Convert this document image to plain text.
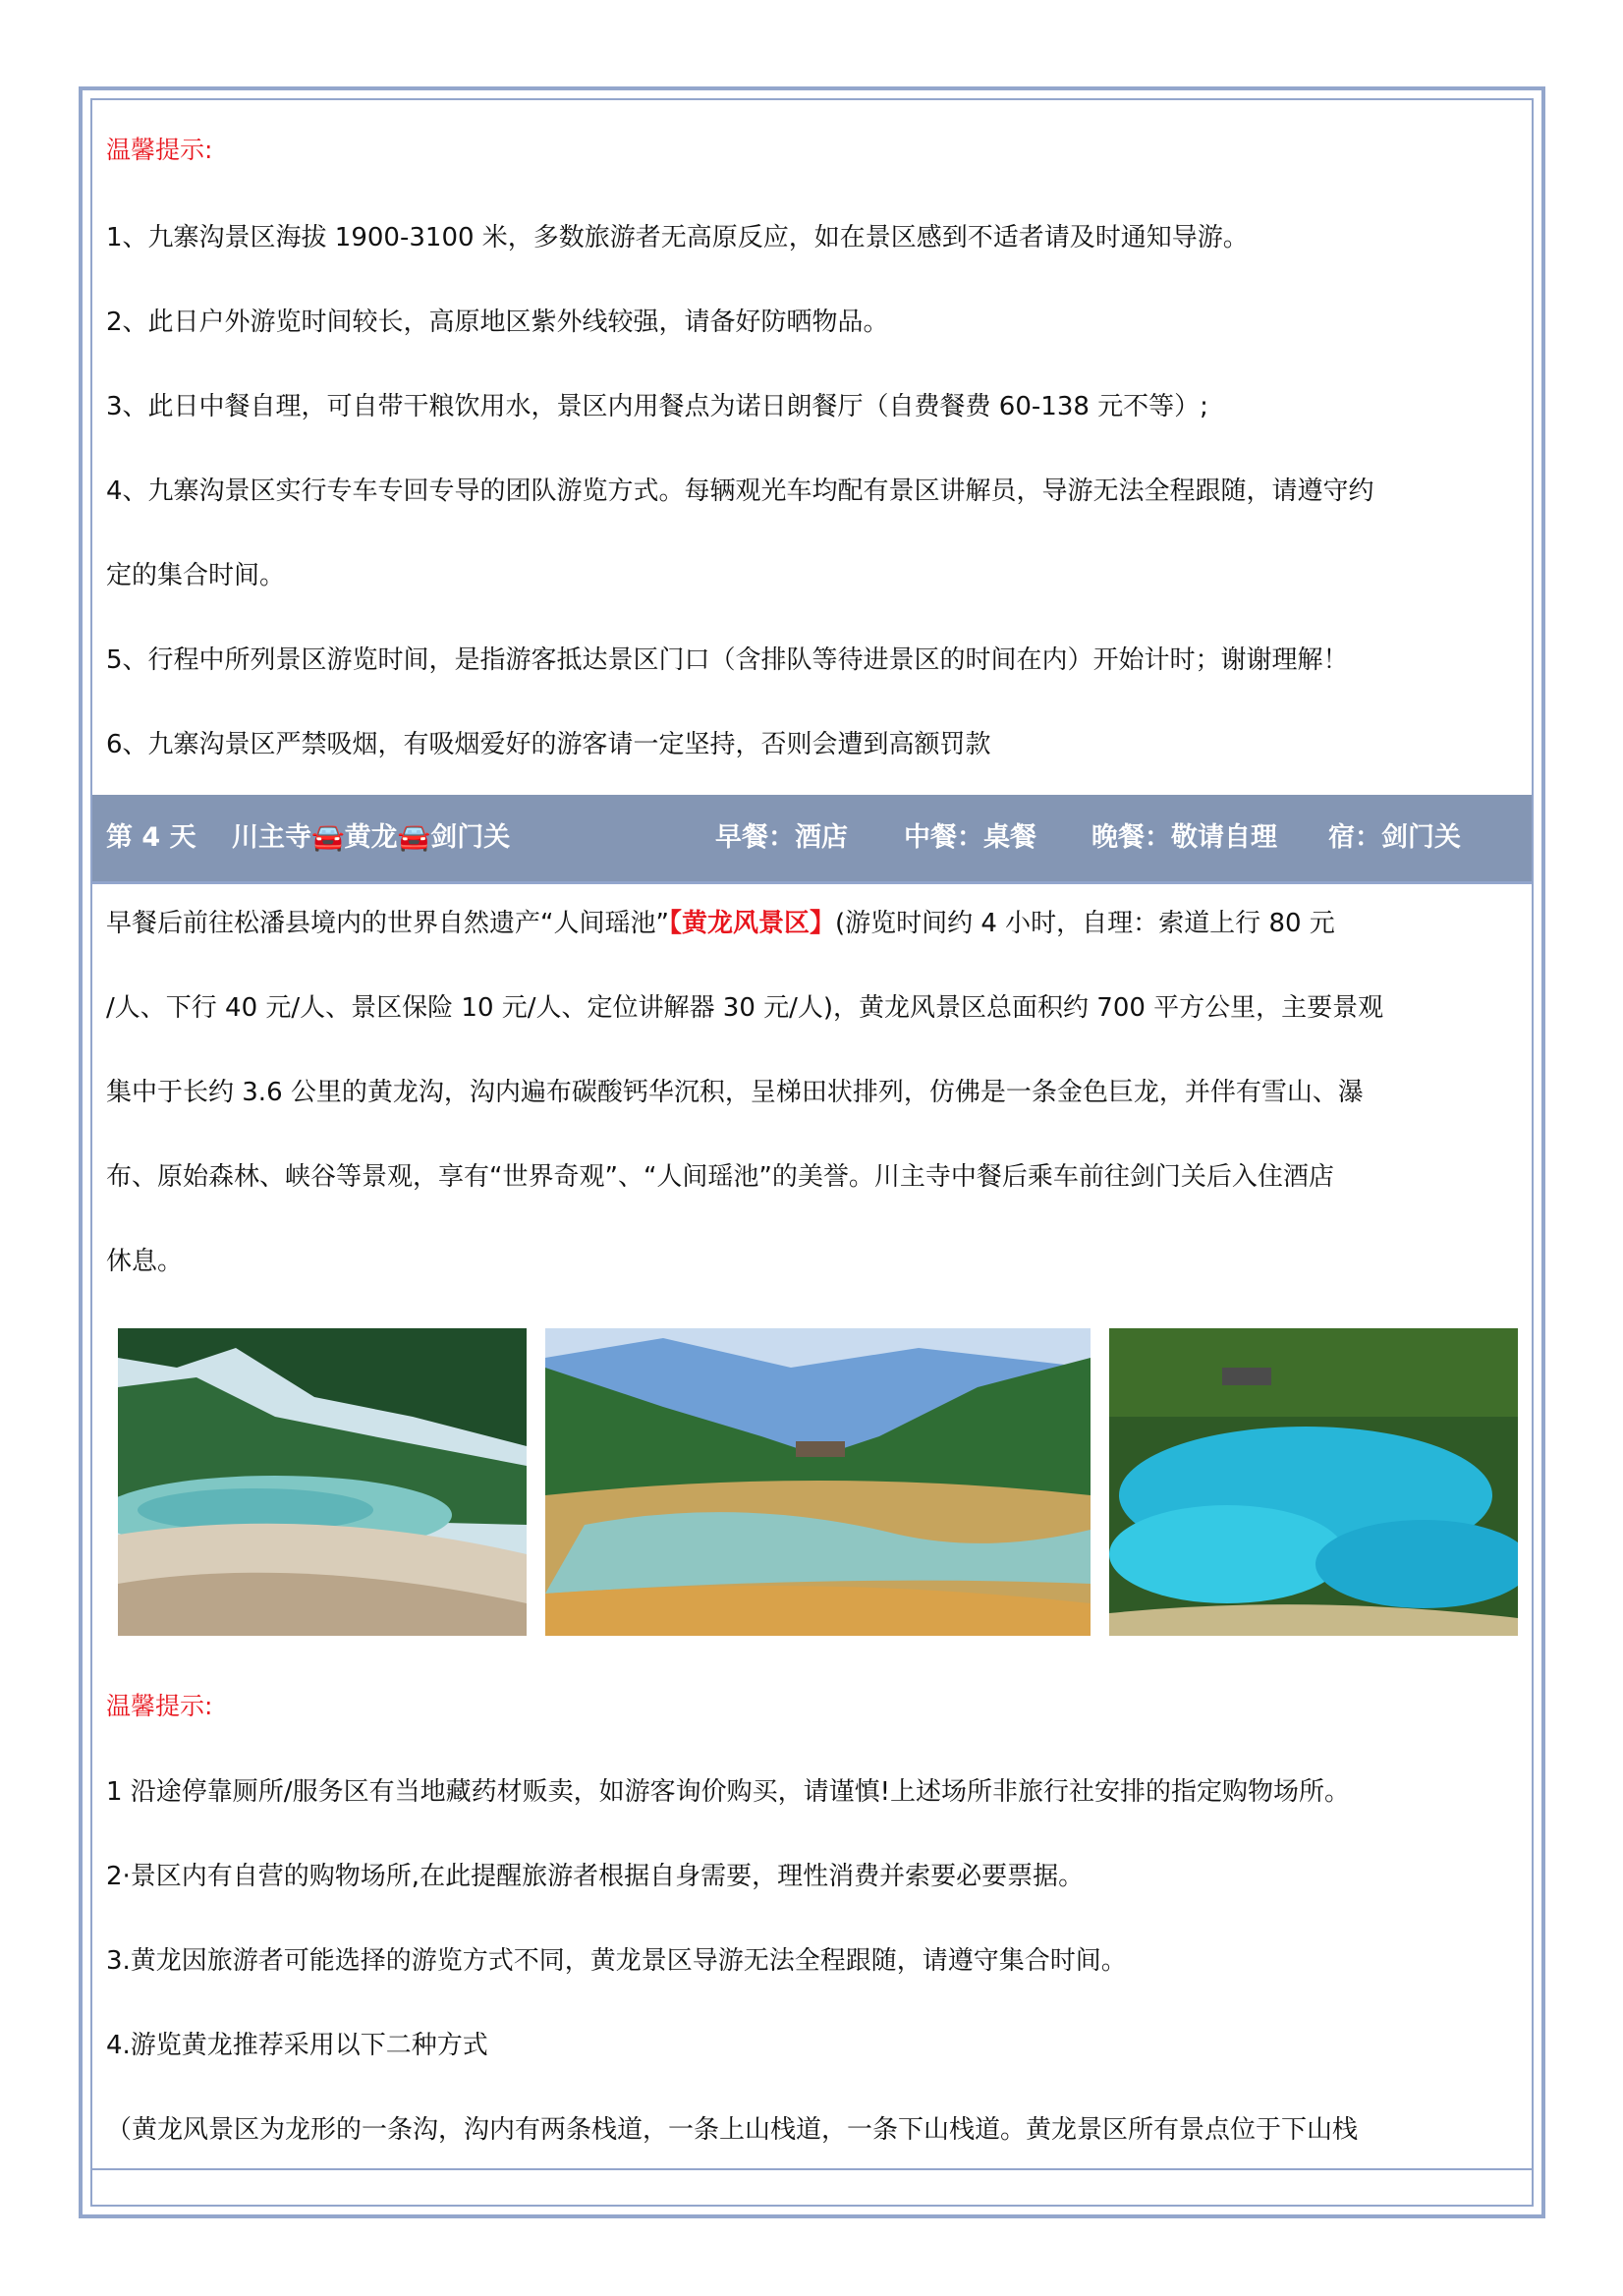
温馨提示:
1、九寨沟景区海拔 1900-3100 米，多数旅游者无高原反应，如在景区感到不适者请及时通知导游。
2、此日户外游览时间较长，高原地区紫外线较强，请备好防晒物品。
3、此日中餐自理，可自带干粮饮用水，景区内用餐点为诺日朗餐厅（自费餐费 60-138 元不等）;
4、九寨沟景区实行专车专回专导的团队游览方式。每辆观光车均配有景区讲解员，导游无法全程跟随，请遵守约
定的集合时间。
5、行程中所列景区游览时间，是指游客抵达景区门口（含排队等待进景区的时间在内）开始计时；谢谢理解！
6、九寨沟景区严禁吸烟，有吸烟爱好的游客请一定坚持，否则会遭到高额罚款
第 4 天 川主寺🚘黄龙🚘剑门关	早餐：酒店 中餐：桌餐 晚餐：敬请自理 宿：剑门关
早餐后前往松潘县境内的世界自然遗产“人间瑶池”【黄龙风景区】(游览时间约 4 小时，自理：索道上行 80 元
/人、下行 40 元/人、景区保险 10 元/人、定位讲解器 30 元/人)，黄龙风景区总面积约 700 平方公里，主要景观
集中于长约 3.6 公里的黄龙沟，沟内遍布碳酸钙华沉积，呈梯田状排列，仿佛是一条金色巨龙，并伴有雪山、瀑
布、原始森林、峡谷等景观，享有“世界奇观”、“人间瑶池”的美誉。川主寺中餐后乘车前往剑门关后入住酒店
休息。
温馨提示:
1 沿途停靠厕所/服务区有当地藏药材贩卖，如游客询价购买，请谨慎!上述场所非旅行社安排的指定购物场所。
2·景区内有自营的购物场所,在此提醒旅游者根据自身需要，理性消费并索要必要票据。
3.黄龙因旅游者可能选择的游览方式不同，黄龙景区导游无法全程跟随，请遵守集合时间。
4.游览黄龙推荐采用以下二种方式
（黄龙风景区为龙形的一条沟，沟内有两条栈道，一条上山栈道，一条下山栈道。黄龙景区所有景点位于下山栈
